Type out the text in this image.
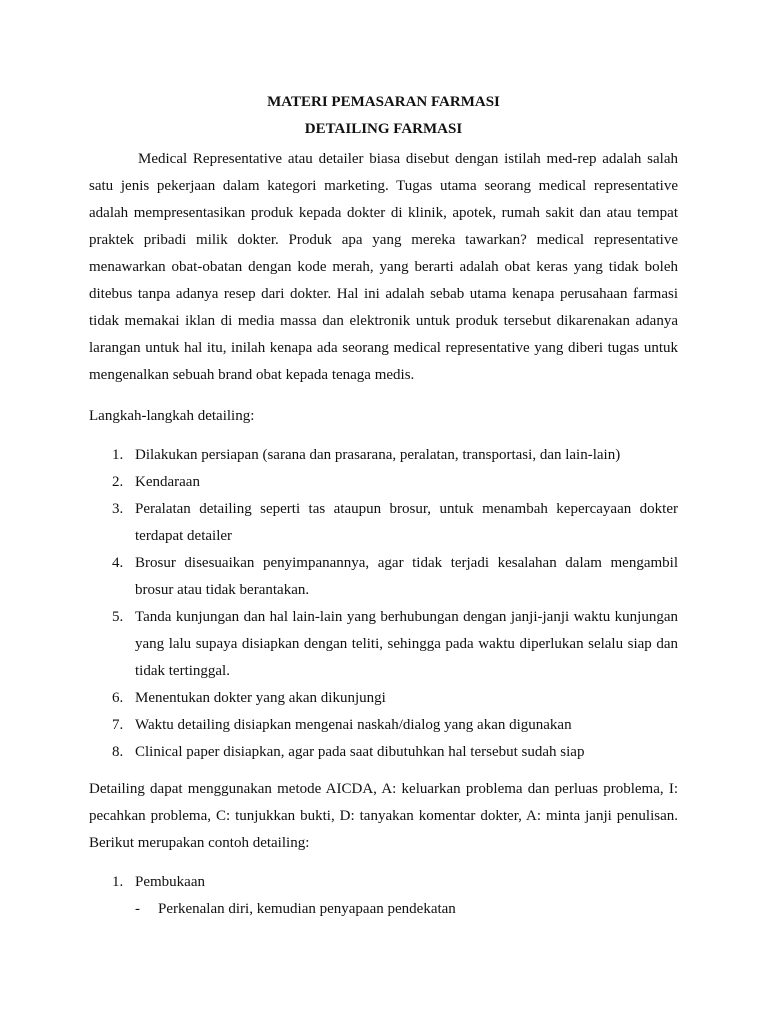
MATERI PEMASARAN FARMASI

DETAILING FARMASI

Medical Representative atau detailer biasa disebut dengan istilah med-rep adalah salah satu jenis pekerjaan dalam kategori marketing. Tugas utama seorang medical representative adalah mempresentasikan produk kepada dokter di klinik, apotek, rumah sakit dan atau tempat praktek pribadi milik dokter. Produk apa yang mereka tawarkan? medical representative menawarkan obat-obatan dengan kode merah, yang berarti adalah obat keras yang tidak boleh ditebus tanpa adanya resep dari dokter. Hal ini adalah sebab utama kenapa perusahaan farmasi tidak memakai iklan di media massa dan elektronik untuk produk tersebut dikarenakan adanya larangan untuk hal itu, inilah kenapa ada seorang medical representative yang diberi tugas untuk mengenalkan sebuah brand obat kepada tenaga medis.

Langkah-langkah detailing:

1. Dilakukan persiapan (sarana dan prasarana, peralatan, transportasi, dan lain-lain)
2. Kendaraan
3. Peralatan detailing seperti tas ataupun brosur, untuk menambah kepercayaan dokter terdapat detailer
4. Brosur disesuaikan penyimpanannya, agar tidak terjadi kesalahan dalam mengambil brosur atau tidak berantakan.
5. Tanda kunjungan dan hal lain-lain yang berhubungan dengan janji-janji waktu kunjungan yang lalu supaya disiapkan dengan teliti, sehingga pada waktu diperlukan selalu siap dan tidak tertinggal.
6. Menentukan dokter yang akan dikunjungi
7. Waktu detailing disiapkan mengenai naskah/dialog yang akan digunakan
8. Clinical paper disiapkan, agar pada saat dibutuhkan hal tersebut sudah siap

Detailing dapat menggunakan metode AICDA, A: keluarkan problema dan perluas problema, I: pecahkan problema, C: tunjukkan bukti, D: tanyakan komentar dokter, A: minta janji penulisan. Berikut merupakan contoh detailing:

1. Pembukaan
- Perkenalan diri, kemudian penyapaan pendekatan
